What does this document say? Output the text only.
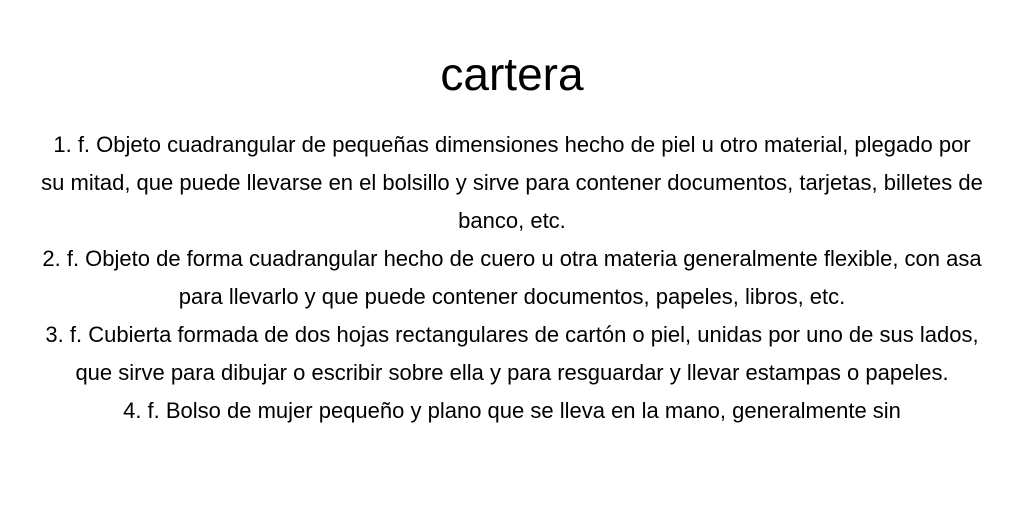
cartera

1. f. Objeto cuadrangular de pequeñas dimensiones hecho de piel u otro material, plegado por su mitad, que puede llevarse en el bolsillo y sirve para contener documentos, tarjetas, billetes de banco, etc.

2. f. Objeto de forma cuadrangular hecho de cuero u otra materia generalmente flexible, con asa para llevarlo y que puede contener documentos, papeles, libros, etc.

3. f. Cubierta formada de dos hojas rectangulares de cartón o piel, unidas por uno de sus lados, que sirve para dibujar o escribir sobre ella y para resguardar y llevar estampas o papeles.

4. f. Bolso de mujer pequeño y plano que se lleva en la mano, generalmente sin
